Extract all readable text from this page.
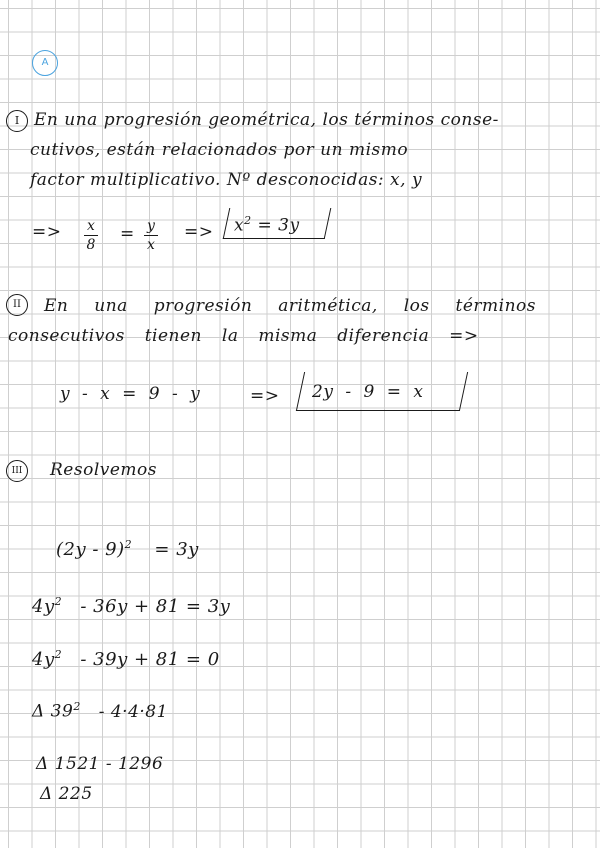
A
I En una progresión geométrica, los términos conse-
cutivos, están relacionados por un mismo
factor multiplicativo. Nº desconocidas: x, y
=> x
8
= y
x
=> $x^2 = 3y$
II	En una progresión aritmética, los términos
consecutivos tienen la misma diferencia =>
y - x = 9 - y	=> 2y - 9 = x
III	Resolvemos
(2y - 9)$^2$ = 3y
$4y^2 - 36y + 81 = 3y$
$4y^2 - 39y + 81 = 0$
Δ $39^2 - 4\cdot 4\cdot 81$
Δ 1521 - 1296
Δ 225
